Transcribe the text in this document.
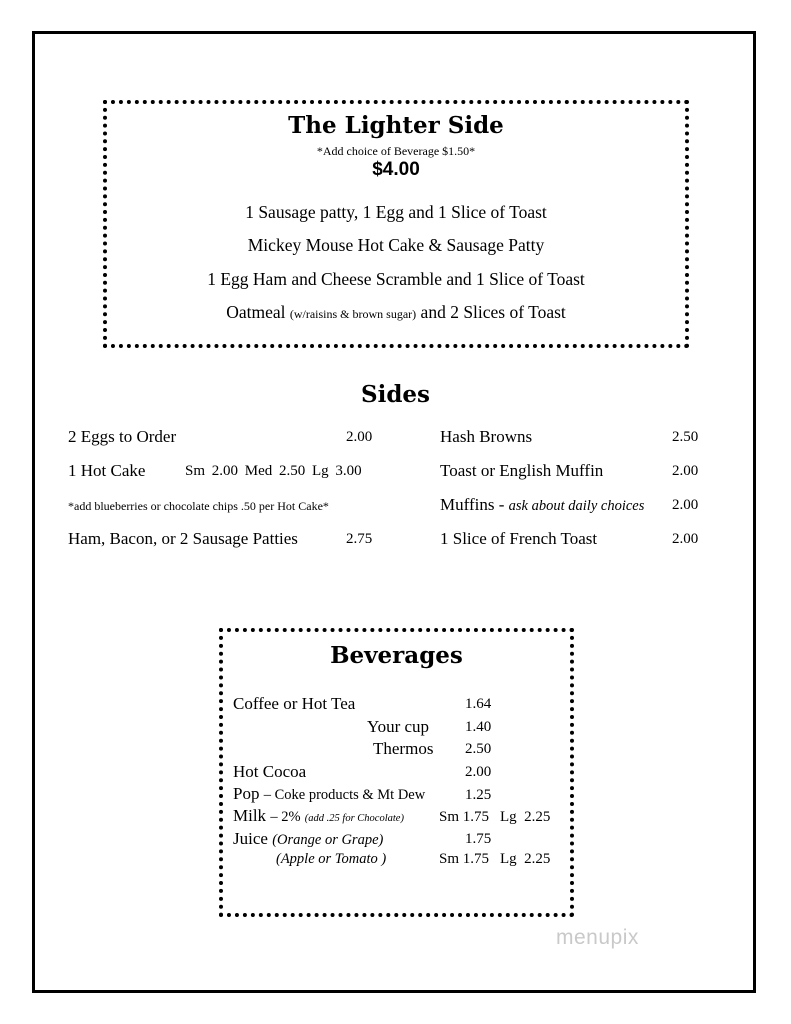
The Lighter Side
*Add choice of Beverage $1.50*
$4.00
1 Sausage patty, 1 Egg and 1 Slice of Toast
Mickey Mouse Hot Cake & Sausage Patty
1 Egg Ham and Cheese Scramble and 1 Slice of Toast
Oatmeal (w/raisins & brown sugar) and 2 Slices of Toast
Sides
2 Eggs to Order	2.00
1 Hot Cake	Sm 2.00 Med 2.50 Lg 3.00
*add blueberries or chocolate chips .50 per Hot Cake*
Ham, Bacon, or 2 Sausage Patties	2.75
Hash Browns	2.50
Toast or English Muffin	2.00
Muffins - ask about daily choices 2.00
1 Slice of French Toast	2.00
Beverages
Coffee or Hot Tea	1.64
Your cup 1.40
Thermos 2.50
Hot Cocoa	2.00
Pop – Coke products & Mt Dew	1.25
Milk – 2% (add .25 for Chocolate) Sm 1.75 Lg  2.25
Juice (Orange or Grape)	1.75
(Apple or Tomato )	Sm 1.75 Lg  2.25
menupix
